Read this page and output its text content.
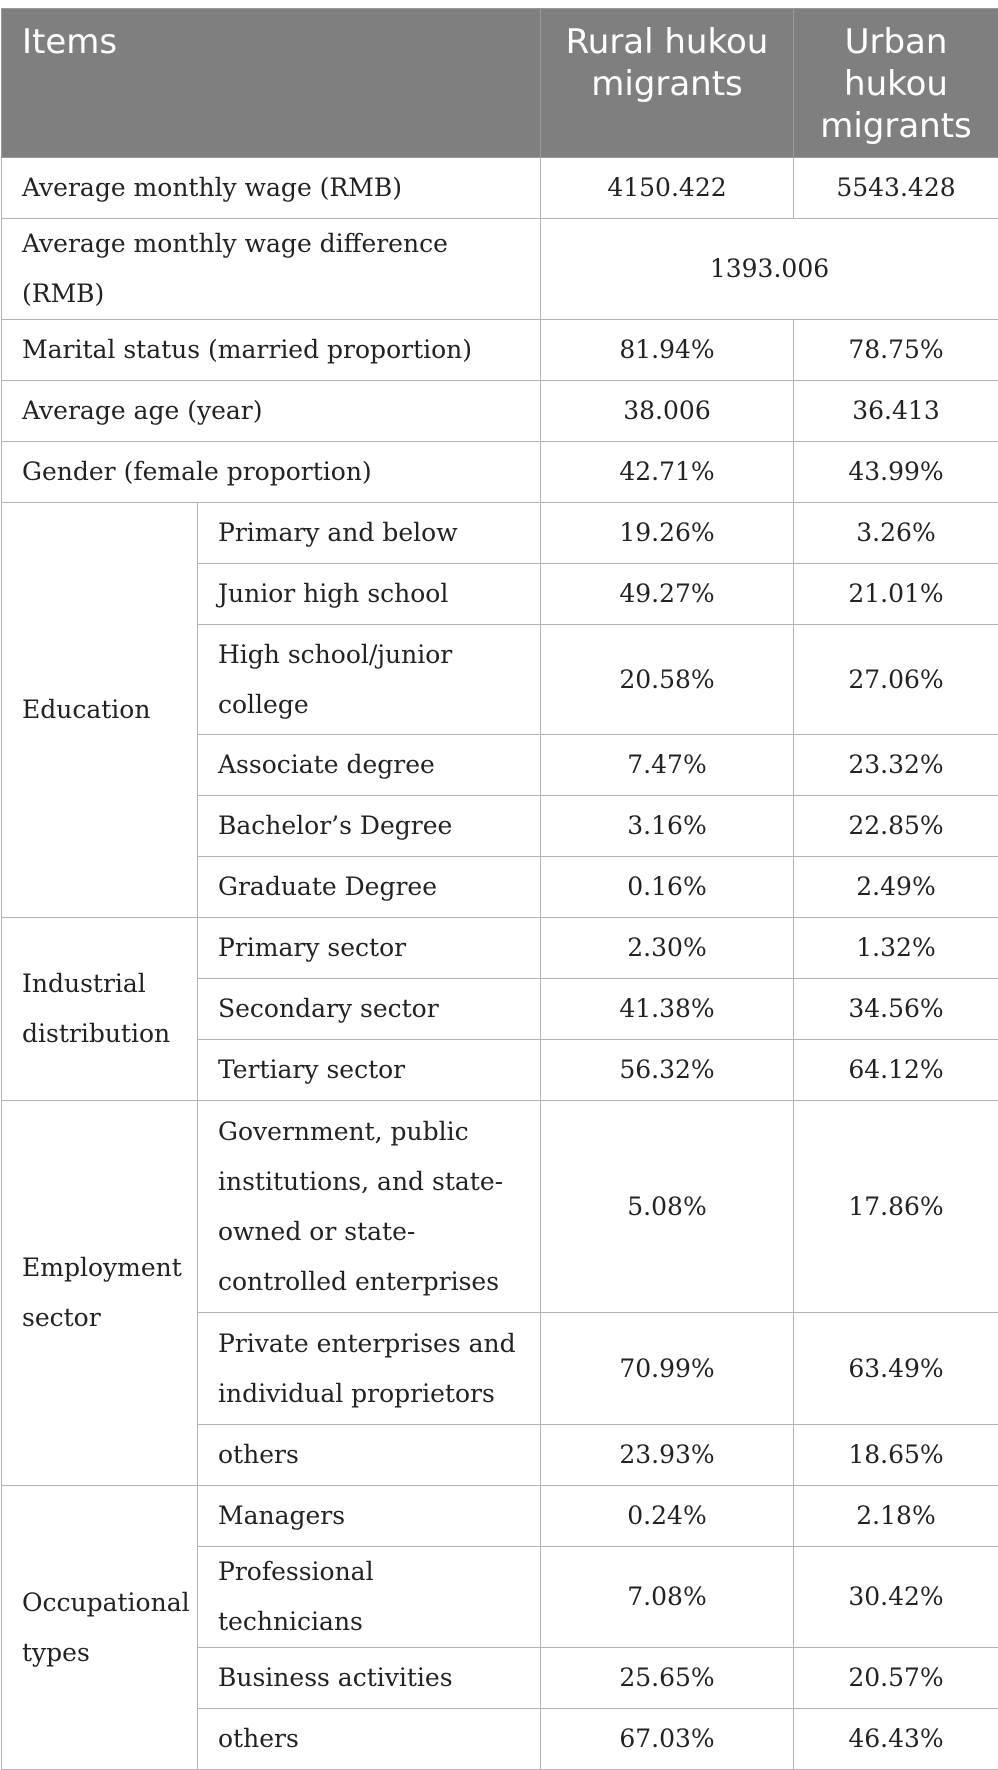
Items		Rural hukou migrants	Urban hukou migrants
Average monthly wage (RMB)		4150.422	5543.428
Average monthly wage difference (RMB)		1393.006	
Marital status (married proportion)		81.94%	78.75%
Average age (year)		38.006	36.413
Gender (female proportion)		42.71%	43.99%
Education	Primary and below	19.26%	3.26%
	Junior high school	49.27%	21.01%
	High school/junior college	20.58%	27.06%
	Associate degree	7.47%	23.32%
	Bachelor’s Degree	3.16%	22.85%
	Graduate Degree	0.16%	2.49%
Industrial distribution	Primary sector	2.30%	1.32%
	Secondary sector	41.38%	34.56%
	Tertiary sector	56.32%	64.12%
Employment sector	Government, public institutions, and state-owned or state-controlled enterprises	5.08%	17.86%
	Private enterprises and individual proprietors	70.99%	63.49%
	others	23.93%	18.65%
Occupational types	Managers	0.24%	2.18%
	Professional technicians	7.08%	30.42%
	Business activities	25.65%	20.57%
	others	67.03%	46.43%
